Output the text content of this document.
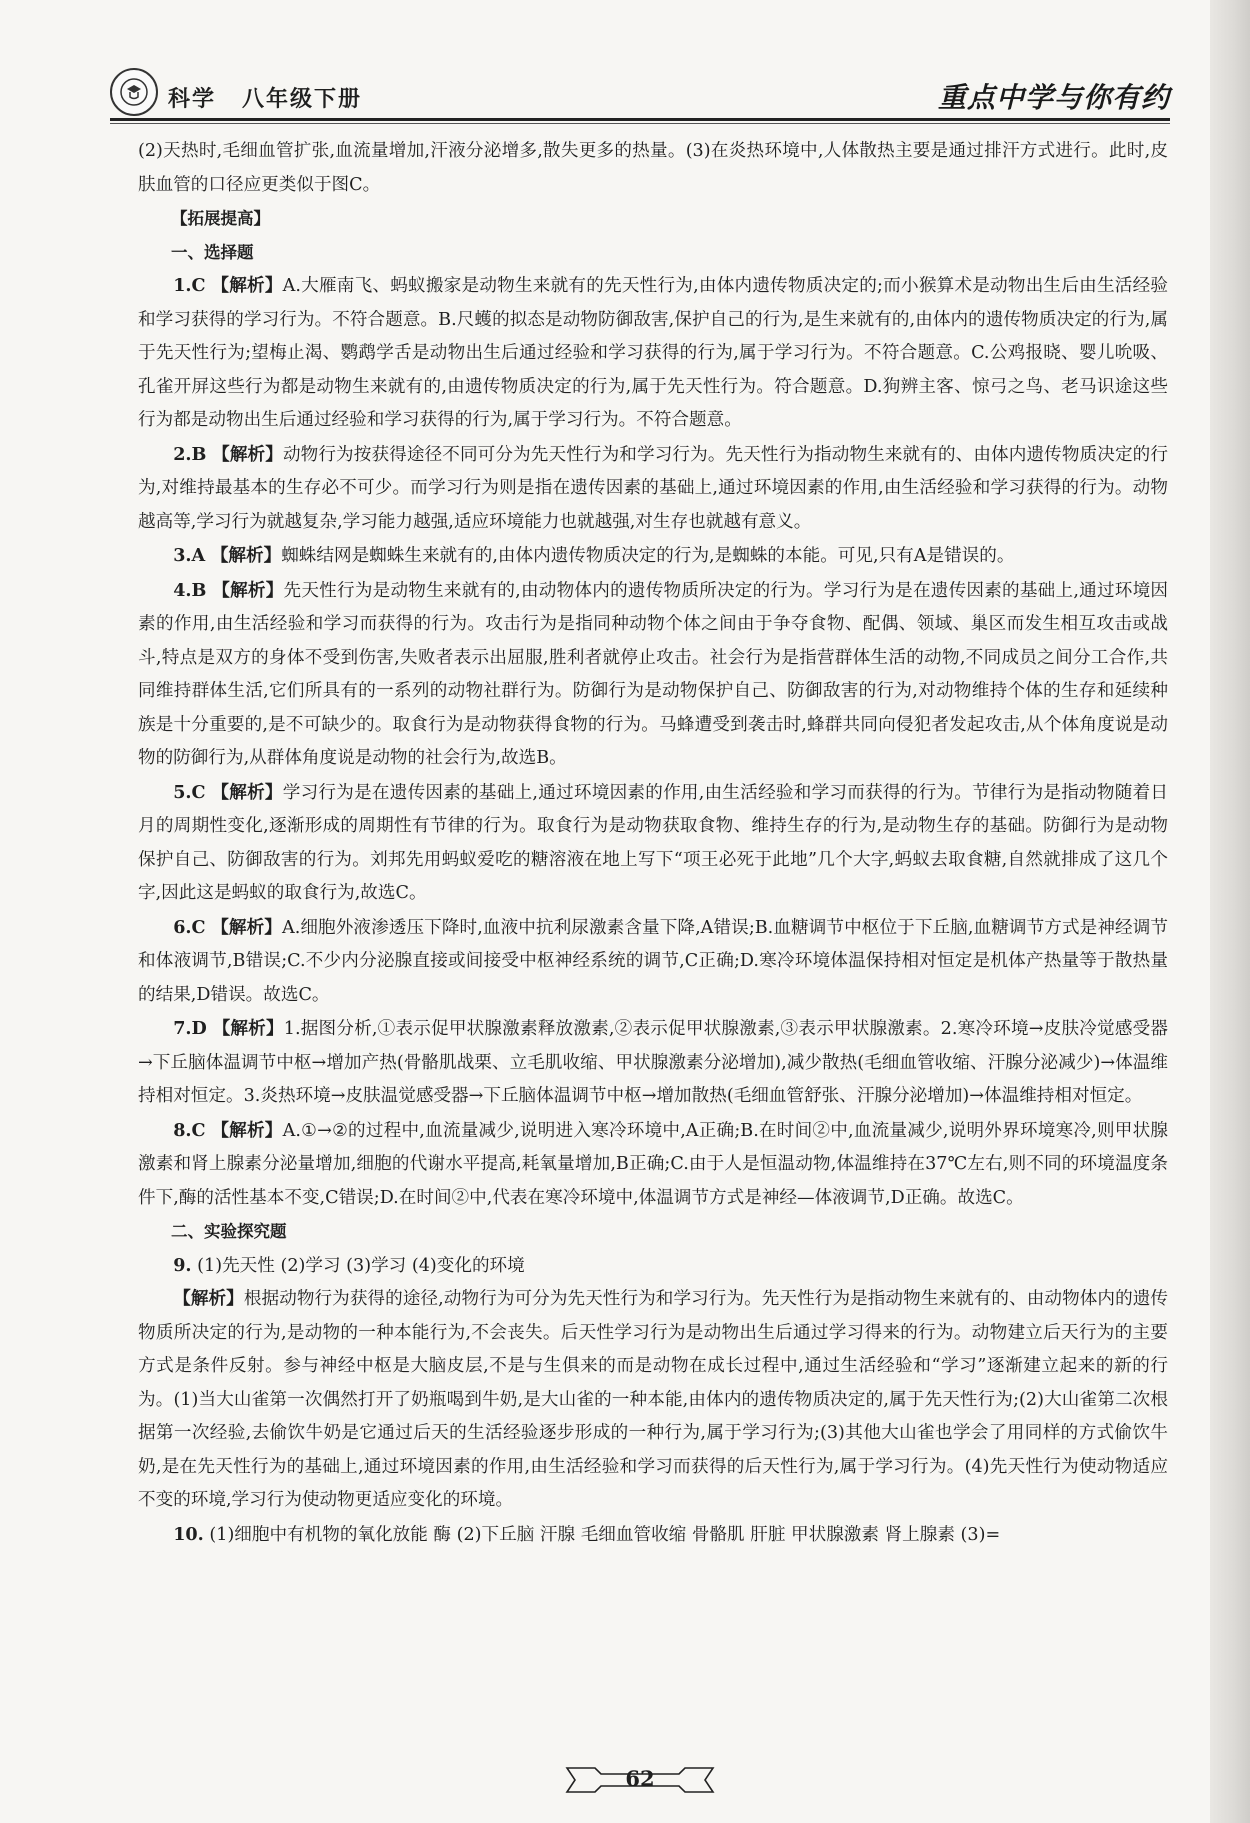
科学 八年级下册	重点中学与你有约

(2)天热时,毛细血管扩张,血流量增加,汗液分泌增多,散失更多的热量。(3)在炎热环境中,人体散热主要是通过排汗方式进行。此时,皮肤血管的口径应更类似于图C。

【拓展提高】

一、选择题

1.C 【解析】A.大雁南飞、蚂蚁搬家是动物生来就有的先天性行为,由体内遗传物质决定的;而小猴算术是动物出生后由生活经验和学习获得的学习行为。不符合题意。B.尺蠖的拟态是动物防御敌害,保护自己的行为,是生来就有的,由体内的遗传物质决定的行为,属于先天性行为;望梅止渴、鹦鹉学舌是动物出生后通过经验和学习获得的行为,属于学习行为。不符合题意。C.公鸡报晓、婴儿吮吸、孔雀开屏这些行为都是动物生来就有的,由遗传物质决定的行为,属于先天性行为。符合题意。D.狗辨主客、惊弓之鸟、老马识途这些行为都是动物出生后通过经验和学习获得的行为,属于学习行为。不符合题意。

2.B 【解析】动物行为按获得途径不同可分为先天性行为和学习行为。先天性行为指动物生来就有的、由体内遗传物质决定的行为,对维持最基本的生存必不可少。而学习行为则是指在遗传因素的基础上,通过环境因素的作用,由生活经验和学习获得的行为。动物越高等,学习行为就越复杂,学习能力越强,适应环境能力也就越强,对生存也就越有意义。

3.A 【解析】蜘蛛结网是蜘蛛生来就有的,由体内遗传物质决定的行为,是蜘蛛的本能。可见,只有A是错误的。

4.B 【解析】先天性行为是动物生来就有的,由动物体内的遗传物质所决定的行为。学习行为是在遗传因素的基础上,通过环境因素的作用,由生活经验和学习而获得的行为。攻击行为是指同种动物个体之间由于争夺食物、配偶、领域、巢区而发生相互攻击或战斗,特点是双方的身体不受到伤害,失败者表示出屈服,胜利者就停止攻击。社会行为是指营群体生活的动物,不同成员之间分工合作,共同维持群体生活,它们所具有的一系列的动物社群行为。防御行为是动物保护自己、防御敌害的行为,对动物维持个体的生存和延续种族是十分重要的,是不可缺少的。取食行为是动物获得食物的行为。马蜂遭受到袭击时,蜂群共同向侵犯者发起攻击,从个体角度说是动物的防御行为,从群体角度说是动物的社会行为,故选B。

5.C 【解析】学习行为是在遗传因素的基础上,通过环境因素的作用,由生活经验和学习而获得的行为。节律行为是指动物随着日月的周期性变化,逐渐形成的周期性有节律的行为。取食行为是动物获取食物、维持生存的行为,是动物生存的基础。防御行为是动物保护自己、防御敌害的行为。刘邦先用蚂蚁爱吃的糖溶液在地上写下“项王必死于此地”几个大字,蚂蚁去取食糖,自然就排成了这几个字,因此这是蚂蚁的取食行为,故选C。

6.C 【解析】A.细胞外液渗透压下降时,血液中抗利尿激素含量下降,A错误;B.血糖调节中枢位于下丘脑,血糖调节方式是神经调节和体液调节,B错误;C.不少内分泌腺直接或间接受中枢神经系统的调节,C正确;D.寒冷环境体温保持相对恒定是机体产热量等于散热量的结果,D错误。故选C。

7.D 【解析】1.据图分析,①表示促甲状腺激素释放激素,②表示促甲状腺激素,③表示甲状腺激素。2.寒冷环境→皮肤冷觉感受器→下丘脑体温调节中枢→增加产热(骨骼肌战栗、立毛肌收缩、甲状腺激素分泌增加),减少散热(毛细血管收缩、汗腺分泌减少)→体温维持相对恒定。3.炎热环境→皮肤温觉感受器→下丘脑体温调节中枢→增加散热(毛细血管舒张、汗腺分泌增加)→体温维持相对恒定。

8.C 【解析】A.①→②的过程中,血流量减少,说明进入寒冷环境中,A正确;B.在时间②中,血流量减少,说明外界环境寒冷,则甲状腺激素和肾上腺素分泌量增加,细胞的代谢水平提高,耗氧量增加,B正确;C.由于人是恒温动物,体温维持在37℃左右,则不同的环境温度条件下,酶的活性基本不变,C错误;D.在时间②中,代表在寒冷环境中,体温调节方式是神经—体液调节,D正确。故选C。

二、实验探究题

9. (1)先天性 (2)学习 (3)学习 (4)变化的环境

【解析】根据动物行为获得的途径,动物行为可分为先天性行为和学习行为。先天性行为是指动物生来就有的、由动物体内的遗传物质所决定的行为,是动物的一种本能行为,不会丧失。后天性学习行为是动物出生后通过学习得来的行为。动物建立后天行为的主要方式是条件反射。参与神经中枢是大脑皮层,不是与生俱来的而是动物在成长过程中,通过生活经验和“学习”逐渐建立起来的新的行为。(1)当大山雀第一次偶然打开了奶瓶喝到牛奶,是大山雀的一种本能,由体内的遗传物质决定的,属于先天性行为;(2)大山雀第二次根据第一次经验,去偷饮牛奶是它通过后天的生活经验逐步形成的一种行为,属于学习行为;(3)其他大山雀也学会了用同样的方式偷饮牛奶,是在先天性行为的基础上,通过环境因素的作用,由生活经验和学习而获得的后天性行为,属于学习行为。(4)先天性行为使动物适应不变的环境,学习行为使动物更适应变化的环境。

10. (1)细胞中有机物的氧化放能 酶 (2)下丘脑 汗腺 毛细血管收缩 骨骼肌 肝脏 甲状腺激素 肾上腺素 (3)=

62
